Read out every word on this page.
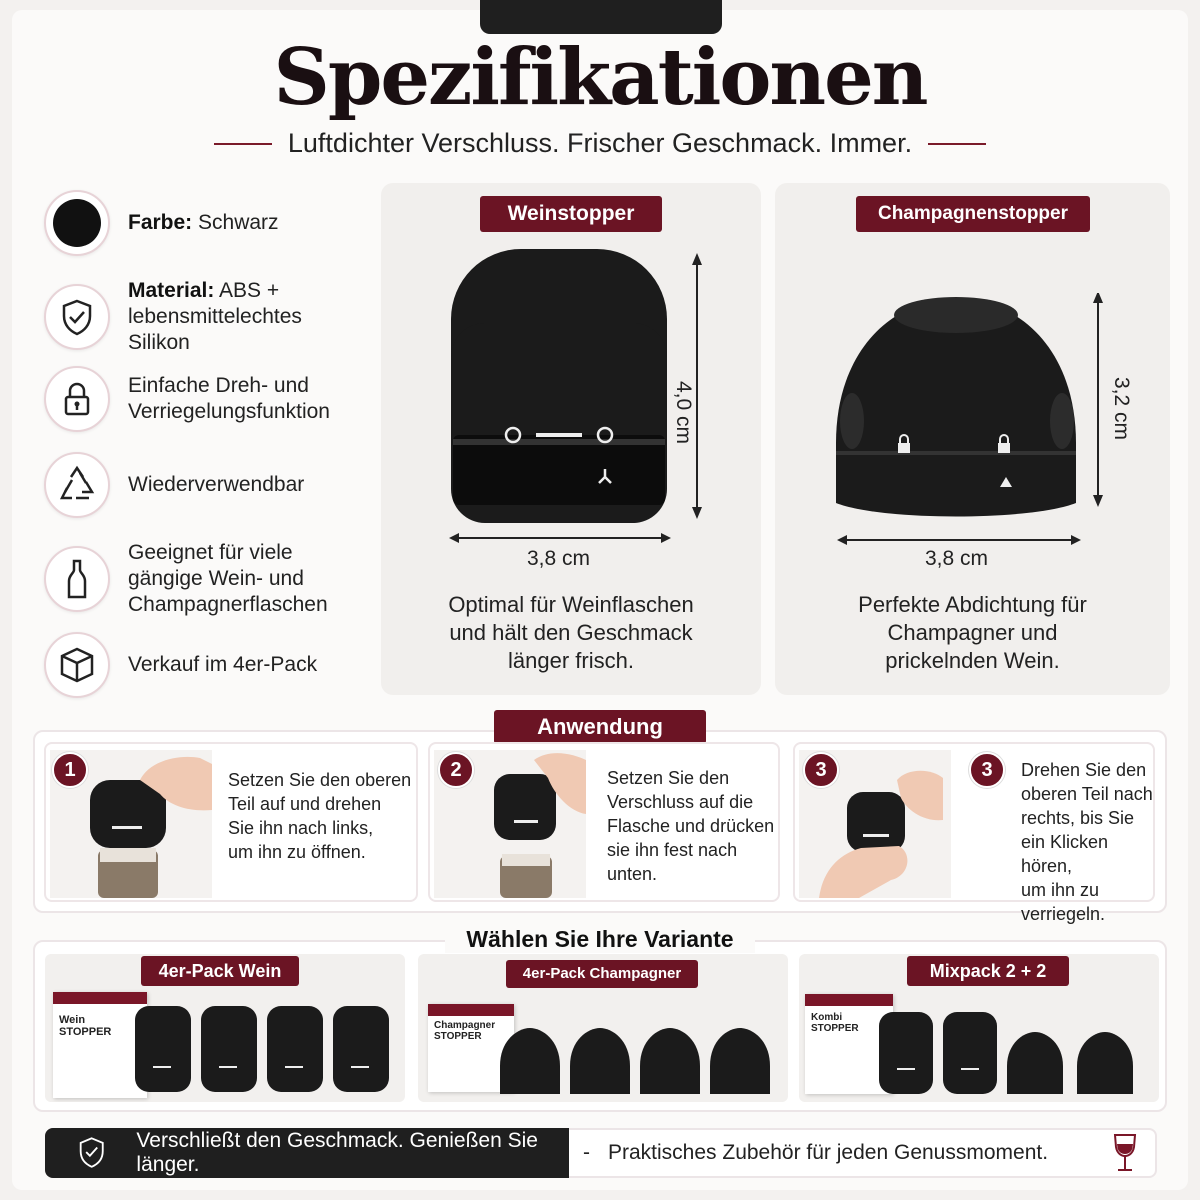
Spezifikationen
Luftdichter Verschluss. Frischer Geschmack. Immer.
Farbe: Schwarz
Material: ABS +
lebensmittelechtes
Silikon
Einfache Dreh- und
Verriegelungsfunktion
Wiederverwendbar
Geeignet für viele
gängige Wein- und
Champagnerflaschen
Verkauf im 4er-Pack
Weinstopper
4,0 cm
3,8 cm
Optimal für Weinflaschen
und hält den Geschmack
länger frisch.
Champagnenstopper
3,2 cm
3,8 cm
Perfekte Abdichtung für
Champagner und
prickelnden Wein.
Anwendung
1	Setzen Sie den oberen
Teil auf und drehen
Sie ihn nach links,
um ihn zu öffnen.
2	Setzen Sie den
Verschluss auf die
Flasche und drücken
sie ihn fest nach
unten.
3	3	Drehen Sie den
oberen Teil nach
rechts, bis Sie
ein Klicken hören,
um ihn zu
verriegeln.
Wählen Sie Ihre Variante
Wein
STOPPER
4er-Pack Wein
Champagner
STOPPER
4er-Pack Champagner
Kombi
STOPPER
Mixpack 2 + 2
Verschließt den Geschmack. Genießen Sie länger.
- Praktisches Zubehör für jeden Genussmoment.
